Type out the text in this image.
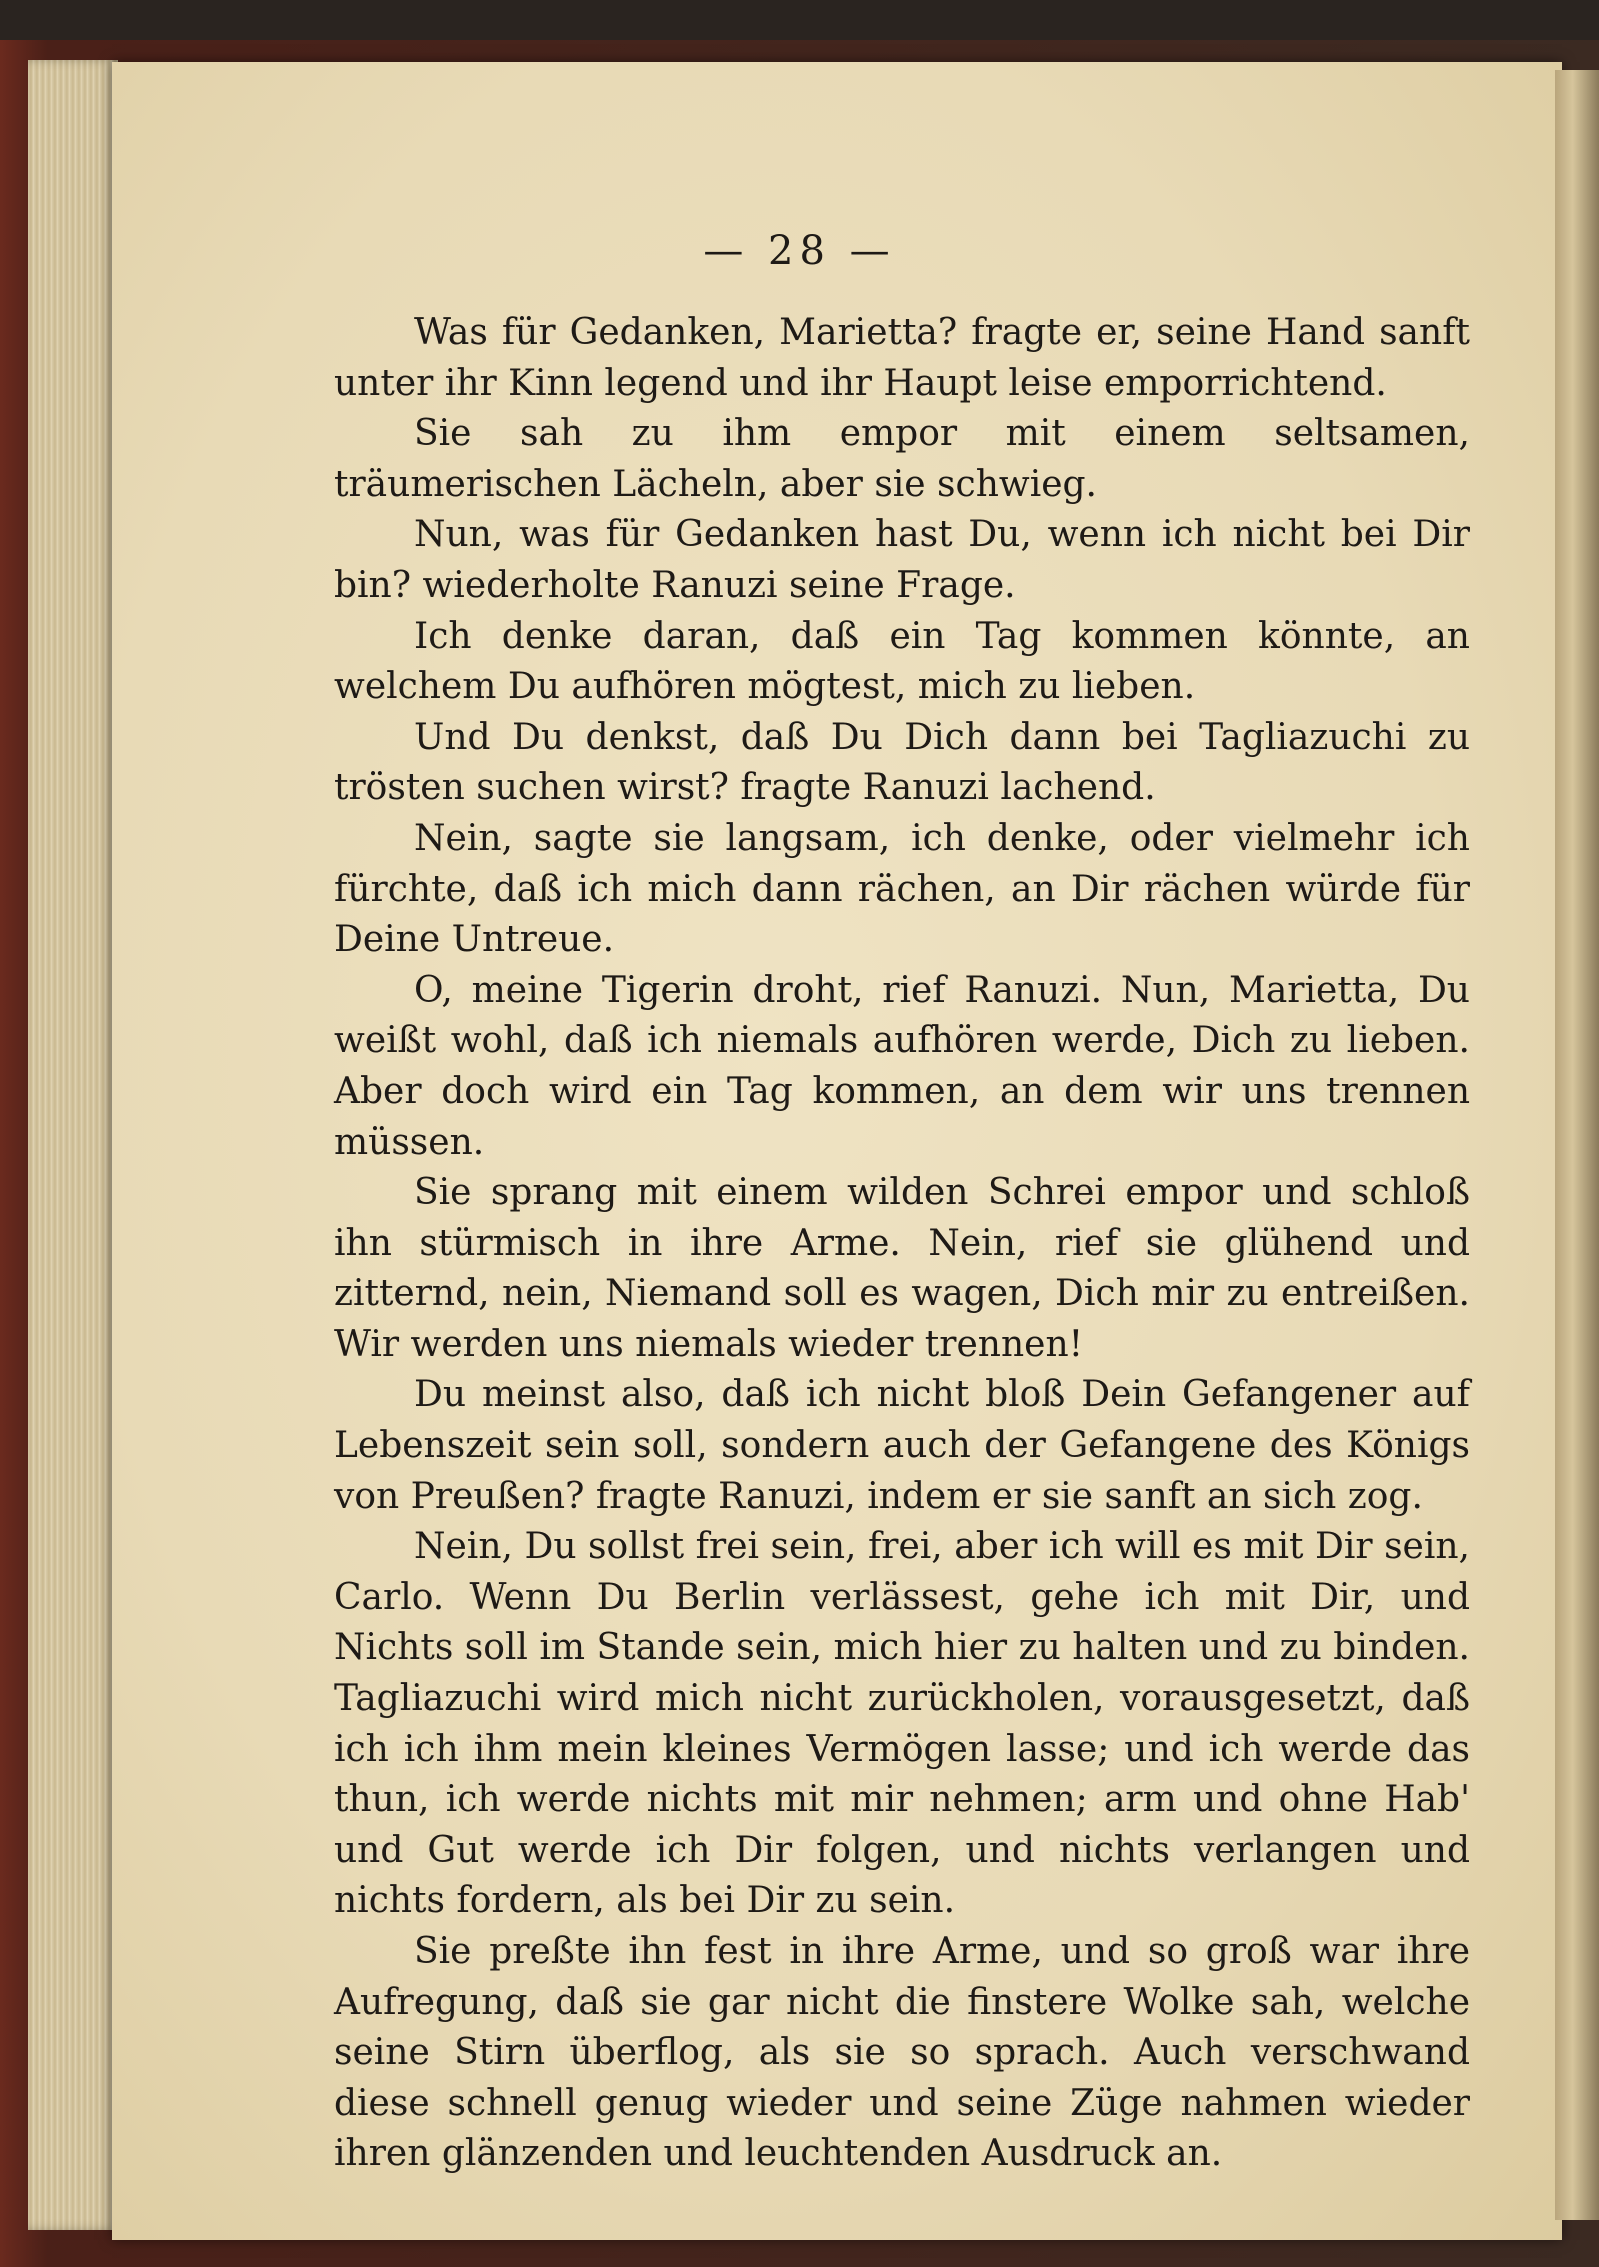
— 28 —

Was für Gedanken, Marietta? fragte er, seine Hand sanft unter ihr Kinn legend und ihr Haupt leise emporrichtend.

Sie sah zu ihm empor mit einem seltsamen, träumerischen Lächeln, aber sie schwieg.

Nun, was für Gedanken hast Du, wenn ich nicht bei Dir bin? wiederholte Ranuzi seine Frage.

Ich denke daran, daß ein Tag kommen könnte, an welchem Du aufhören mögtest, mich zu lieben.

Und Du denkst, daß Du Dich dann bei Tagliazuchi zu trösten suchen wirst? fragte Ranuzi lachend.

Nein, sagte sie langsam, ich denke, oder vielmehr ich fürchte, daß ich mich dann rächen, an Dir rächen würde für Deine Untreue.

O, meine Tigerin droht, rief Ranuzi. Nun, Marietta, Du weißt wohl, daß ich niemals aufhören werde, Dich zu lieben. Aber doch wird ein Tag kommen, an dem wir uns trennen müssen.

Sie sprang mit einem wilden Schrei empor und schloß ihn stürmisch in ihre Arme. Nein, rief sie glühend und zitternd, nein, Niemand soll es wagen, Dich mir zu entreißen. Wir werden uns niemals wieder trennen!

Du meinst also, daß ich nicht bloß Dein Gefangener auf Lebenszeit sein soll, sondern auch der Gefangene des Königs von Preußen? fragte Ranuzi, indem er sie sanft an sich zog.

Nein, Du sollst frei sein, frei, aber ich will es mit Dir sein, Carlo. Wenn Du Berlin verlässest, gehe ich mit Dir, und Nichts soll im Stande sein, mich hier zu halten und zu binden. Tagliazuchi wird mich nicht zurückholen, vorausgesetzt, daß ich ich ihm mein kleines Vermögen lasse; und ich werde das thun, ich werde nichts mit mir nehmen; arm und ohne Hab' und Gut werde ich Dir folgen, und nichts verlangen und nichts fordern, als bei Dir zu sein.

Sie preßte ihn fest in ihre Arme, und so groß war ihre Aufregung, daß sie gar nicht die finstere Wolke sah, welche seine Stirn überflog, als sie so sprach. Auch verschwand diese schnell genug wieder und seine Züge nahmen wieder ihren glänzenden und leuchtenden Ausdruck an.
